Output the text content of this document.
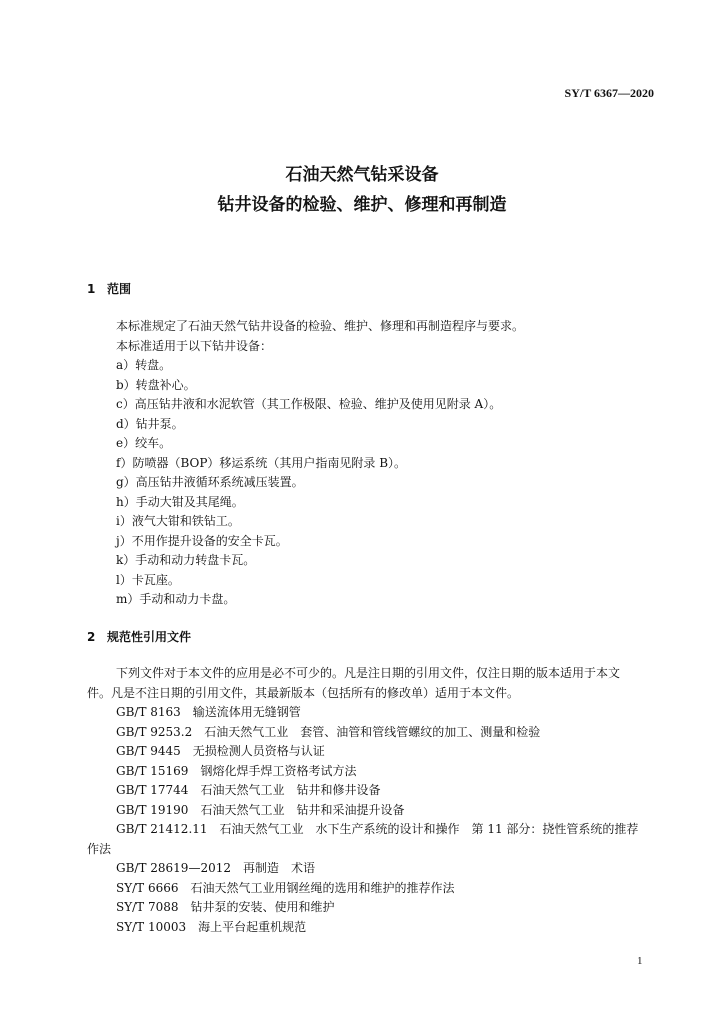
SY/T 6367—2020
石油天然气钻采设备
钻井设备的检验、维护、修理和再制造
1 范围
本标准规定了石油天然气钻井设备的检验、维护、修理和再制造程序与要求。
本标准适用于以下钻井设备：
a）转盘。
b）转盘补心。
c）高压钻井液和水泥软管（其工作极限、检验、维护及使用见附录 A）。
d）钻井泵。
e）绞车。
f）防喷器（BOP）移运系统（其用户指南见附录 B）。
g）高压钻井液循环系统减压装置。
h）手动大钳及其尾绳。
i）液气大钳和铁钻工。
j）不用作提升设备的安全卡瓦。
k）手动和动力转盘卡瓦。
l）卡瓦座。
m）手动和动力卡盘。
2 规范性引用文件
下列文件对于本文件的应用是必不可少的。凡是注日期的引用文件，仅注日期的版本适用于本文
件。凡是不注日期的引用文件，其最新版本（包括所有的修改单）适用于本文件。
GB/T 8163　输送流体用无缝钢管
GB/T 9253.2　石油天然气工业　套管、油管和管线管螺纹的加工、测量和检验
GB/T 9445　无损检测人员资格与认证
GB/T 15169　钢熔化焊手焊工资格考试方法
GB/T 17744　石油天然气工业　钻井和修井设备
GB/T 19190　石油天然气工业　钻井和采油提升设备
GB/T 21412.11　石油天然气工业　水下生产系统的设计和操作　第 11 部分：挠性管系统的推荐
作法
GB/T 28619—2012　再制造　术语
SY/T 6666　石油天然气工业用钢丝绳的选用和维护的推荐作法
SY/T 7088　钻井泵的安装、使用和维护
SY/T 10003　海上平台起重机规范
1
